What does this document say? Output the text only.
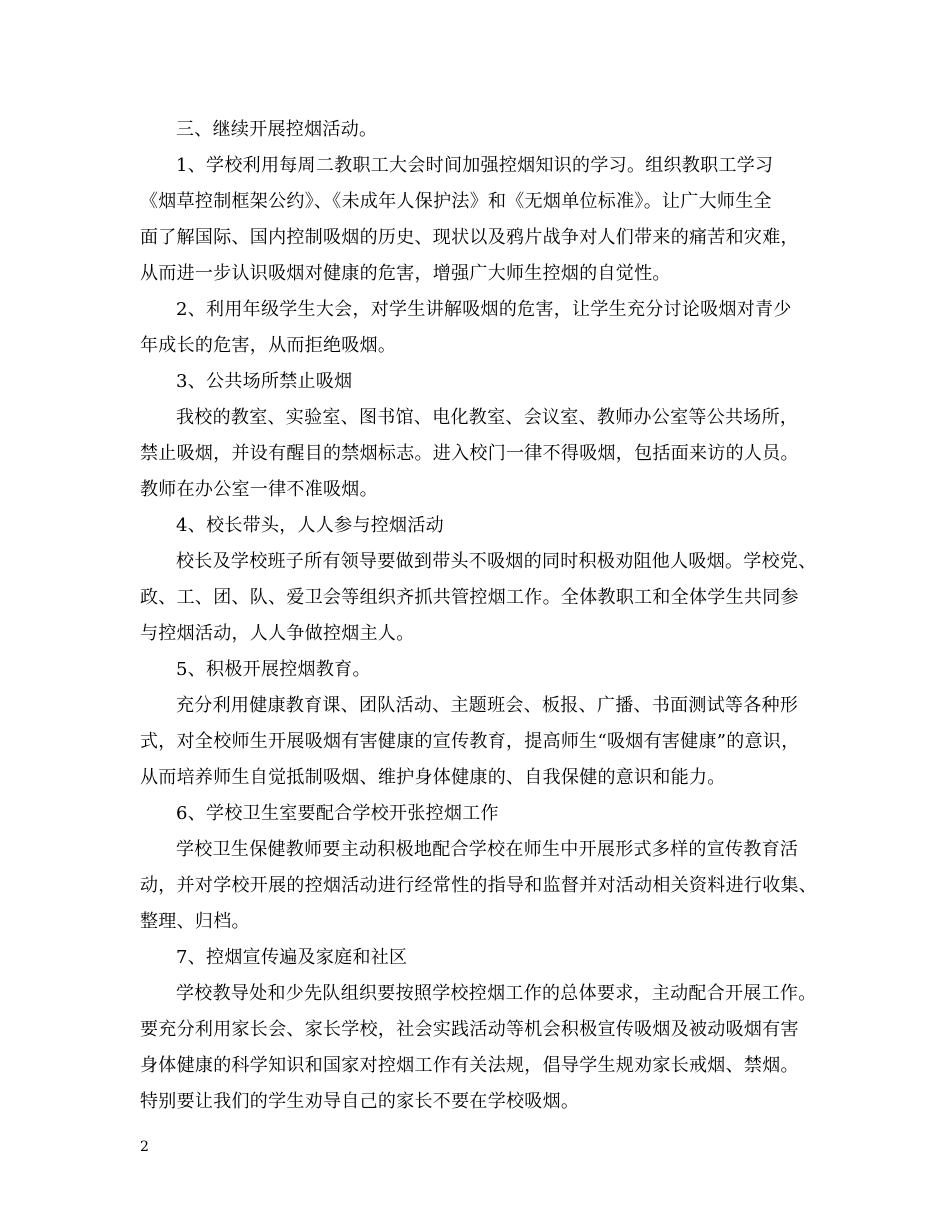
三、继续开展控烟活动。
1、学校利用每周二教职工大会时间加强控烟知识的学习。组织教职工学习
《烟草控制框架公约》、《未成年人保护法》和《无烟单位标准》。让广大师生全
面了解国际、国内控制吸烟的历史、现状以及鸦片战争对人们带来的痛苦和灾难，
从而进一步认识吸烟对健康的危害，增强广大师生控烟的自觉性。
2、利用年级学生大会，对学生讲解吸烟的危害，让学生充分讨论吸烟对青少
年成长的危害，从而拒绝吸烟。
3、公共场所禁止吸烟
我校的教室、实验室、图书馆、电化教室、会议室、教师办公室等公共场所，
禁止吸烟，并设有醒目的禁烟标志。进入校门一律不得吸烟，包括面来访的人员。
教师在办公室一律不准吸烟。
4、校长带头，人人参与控烟活动
校长及学校班子所有领导要做到带头不吸烟的同时积极劝阻他人吸烟。学校党、
政、工、团、队、爱卫会等组织齐抓共管控烟工作。全体教职工和全体学生共同参
与控烟活动，人人争做控烟主人。
5、积极开展控烟教育。
充分利用健康教育课、团队活动、主题班会、板报、广播、书面测试等各种形
式，对全校师生开展吸烟有害健康的宣传教育，提高师生“吸烟有害健康”的意识，
从而培养师生自觉抵制吸烟、维护身体健康的、自我保健的意识和能力。
6、学校卫生室要配合学校开张控烟工作
学校卫生保健教师要主动积极地配合学校在师生中开展形式多样的宣传教育活
动，并对学校开展的控烟活动进行经常性的指导和监督并对活动相关资料进行收集、
整理、归档。
7、控烟宣传遍及家庭和社区
学校教导处和少先队组织要按照学校控烟工作的总体要求，主动配合开展工作。
要充分利用家长会、家长学校，社会实践活动等机会积极宣传吸烟及被动吸烟有害
身体健康的科学知识和国家对控烟工作有关法规，倡导学生规劝家长戒烟、禁烟。
特别要让我们的学生劝导自己的家长不要在学校吸烟。
2
